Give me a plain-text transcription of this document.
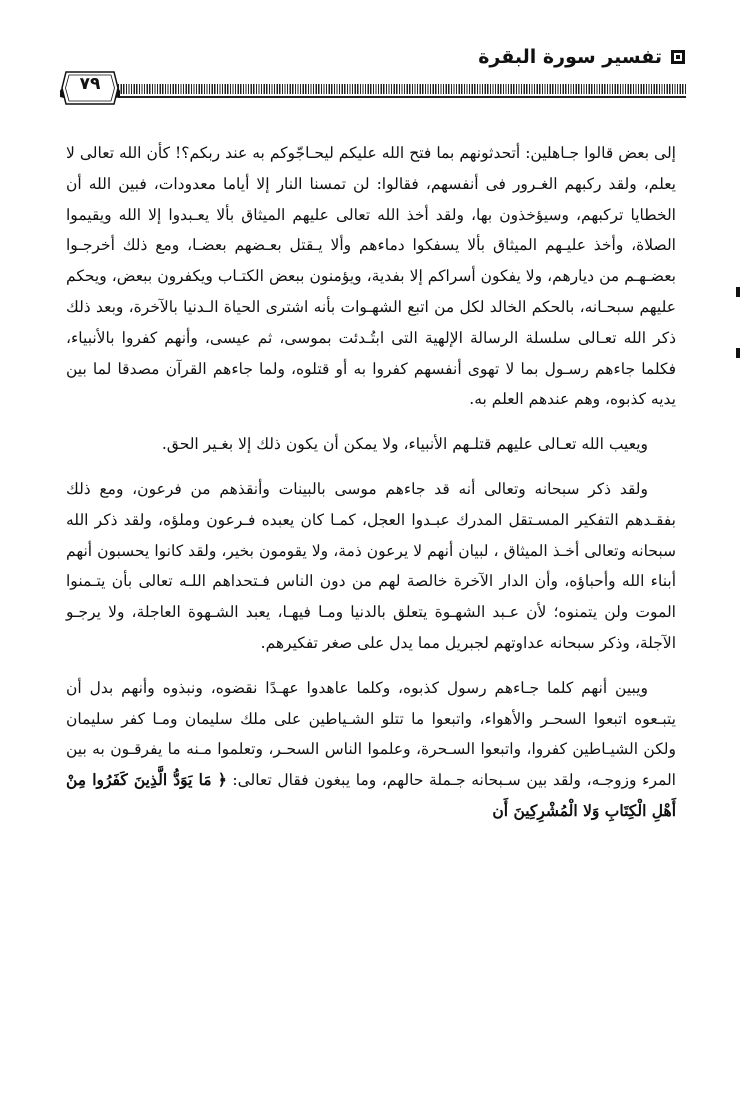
تفسير سورة البقرة
٧٩

إلى بعض قالوا جـاهلين: أتحدثونهم بما فتح الله عليكم ليحـاجّوكم به عند ربكم؟! كأن الله تعالى لا يعلم، ولقد ركبهم الغـرور فى أنفسهم، فقالوا: لن تمسنا النار إلا أياما معدودات، فبين الله أن الخطايا تركبهم، وسيؤخذون بها، ولقد أخذ الله تعالى عليهم الميثاق بألا يعـبدوا إلا الله ويقيموا الصلاة، وأخذ عليـهم الميثاق بألا يسفكوا دماءهم وألا يـقتل بعـضهم بعضـا، ومع ذلك أخرجـوا بعضـهـم من ديارهم، ولا يفكون أسراكم إلا بفدية، ويؤمنون ببعض الكتـاب ويكفرون ببعض، ويحكم عليهم سبحـانه، بالحكم الخالد لكل من اتبع الشهـوات بأنه اشترى الحياة الـدنيا بالآخرة، وبعد ذلك ذكر الله تعـالى سلسلة الرسالة الإلهية التى ابتُـدئت بموسى، ثم عيسى، وأنهم كفروا بالأنبياء، فكلما جاءهم رسـول بما لا تهوى أنفسهم كفروا به أو قتلوه، ولما جاءهم القرآن مصدقا لما بين يديه كذبوه، وهم عندهم العلم به.

ويعيب الله تعـالى عليهم قتلـهم الأنبياء، ولا يمكن أن يكون ذلك إلا بغـير الحق.

ولقد ذكر سبحانه وتعالى أنه قد جاءهم موسى بالبينات وأنقذهم من فرعون، ومع ذلك بفقـدهم التفكير المسـتقل المدرك عبـدوا العجل، كمـا كان يعبده فـرعون وملؤه، ولقد ذكر الله سبحانه وتعالى أخـذ الميثاق ، لبيان أنهم لا يرعون ذمة، ولا يقومون بخير، ولقد كانوا يحسبون أنهم أبناء الله وأحباؤه، وأن الدار الآخرة خالصة لهم من دون الناس فـتحداهم اللـه تعالى بأن يتـمنوا الموت ولن يتمنوه؛ لأن عـبد الشهـوة يتعلق بالدنيا ومـا فيهـا، يعبد الشـهوة العاجلة، ولا يرجـو الآجلة، وذكر سبحانه عداوتهم لجبريل مما يدل على صغر تفكيرهم.

ويبين أنهم كلما جـاءهم رسول كذبوه، وكلما عاهدوا عهـدًا نقضوه، ونبذوه وأنهم بدل أن يتبـعوه اتبعوا السحـر والأهواء، واتبعوا ما تتلو الشـياطين على ملك سليمان ومـا كفر سليمان ولكن الشيـاطين كفروا، واتبعوا السـحرة، وعلموا الناس السحـر، وتعلموا مـنه ما يفرقـون به بين المرء وزوجـه، ولقد بين سـبحانه جـملة حالهم، وما يبغون فقال تعالى: ﴿ مَا يَوَدُّ الَّذِينَ كَفَرُوا مِنْ أَهْلِ الْكِتَابِ وَلا الْمُشْرِكِينَ أَن
